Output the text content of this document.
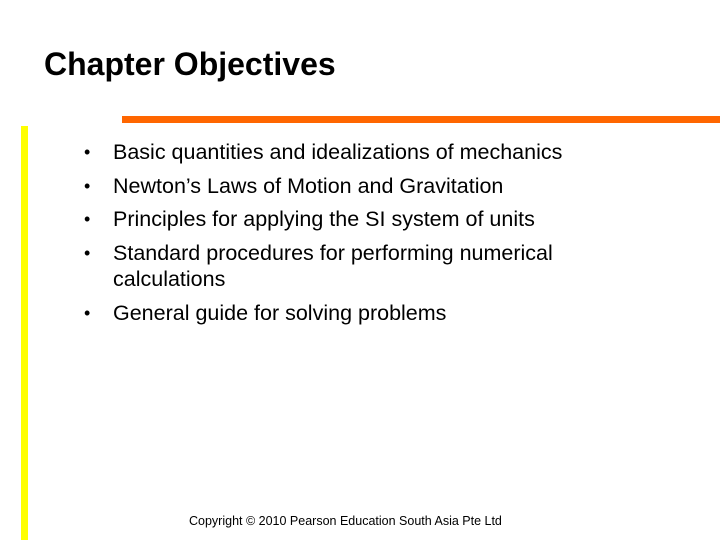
Chapter Objectives
• Basic quantities and idealizations of mechanics
• Newton’s Laws of Motion and Gravitation
• Principles for applying the SI system of units
• Standard procedures for performing numerical
calculations
• General guide for solving problems
Copyright © 2010 Pearson Education South Asia Pte Ltd
